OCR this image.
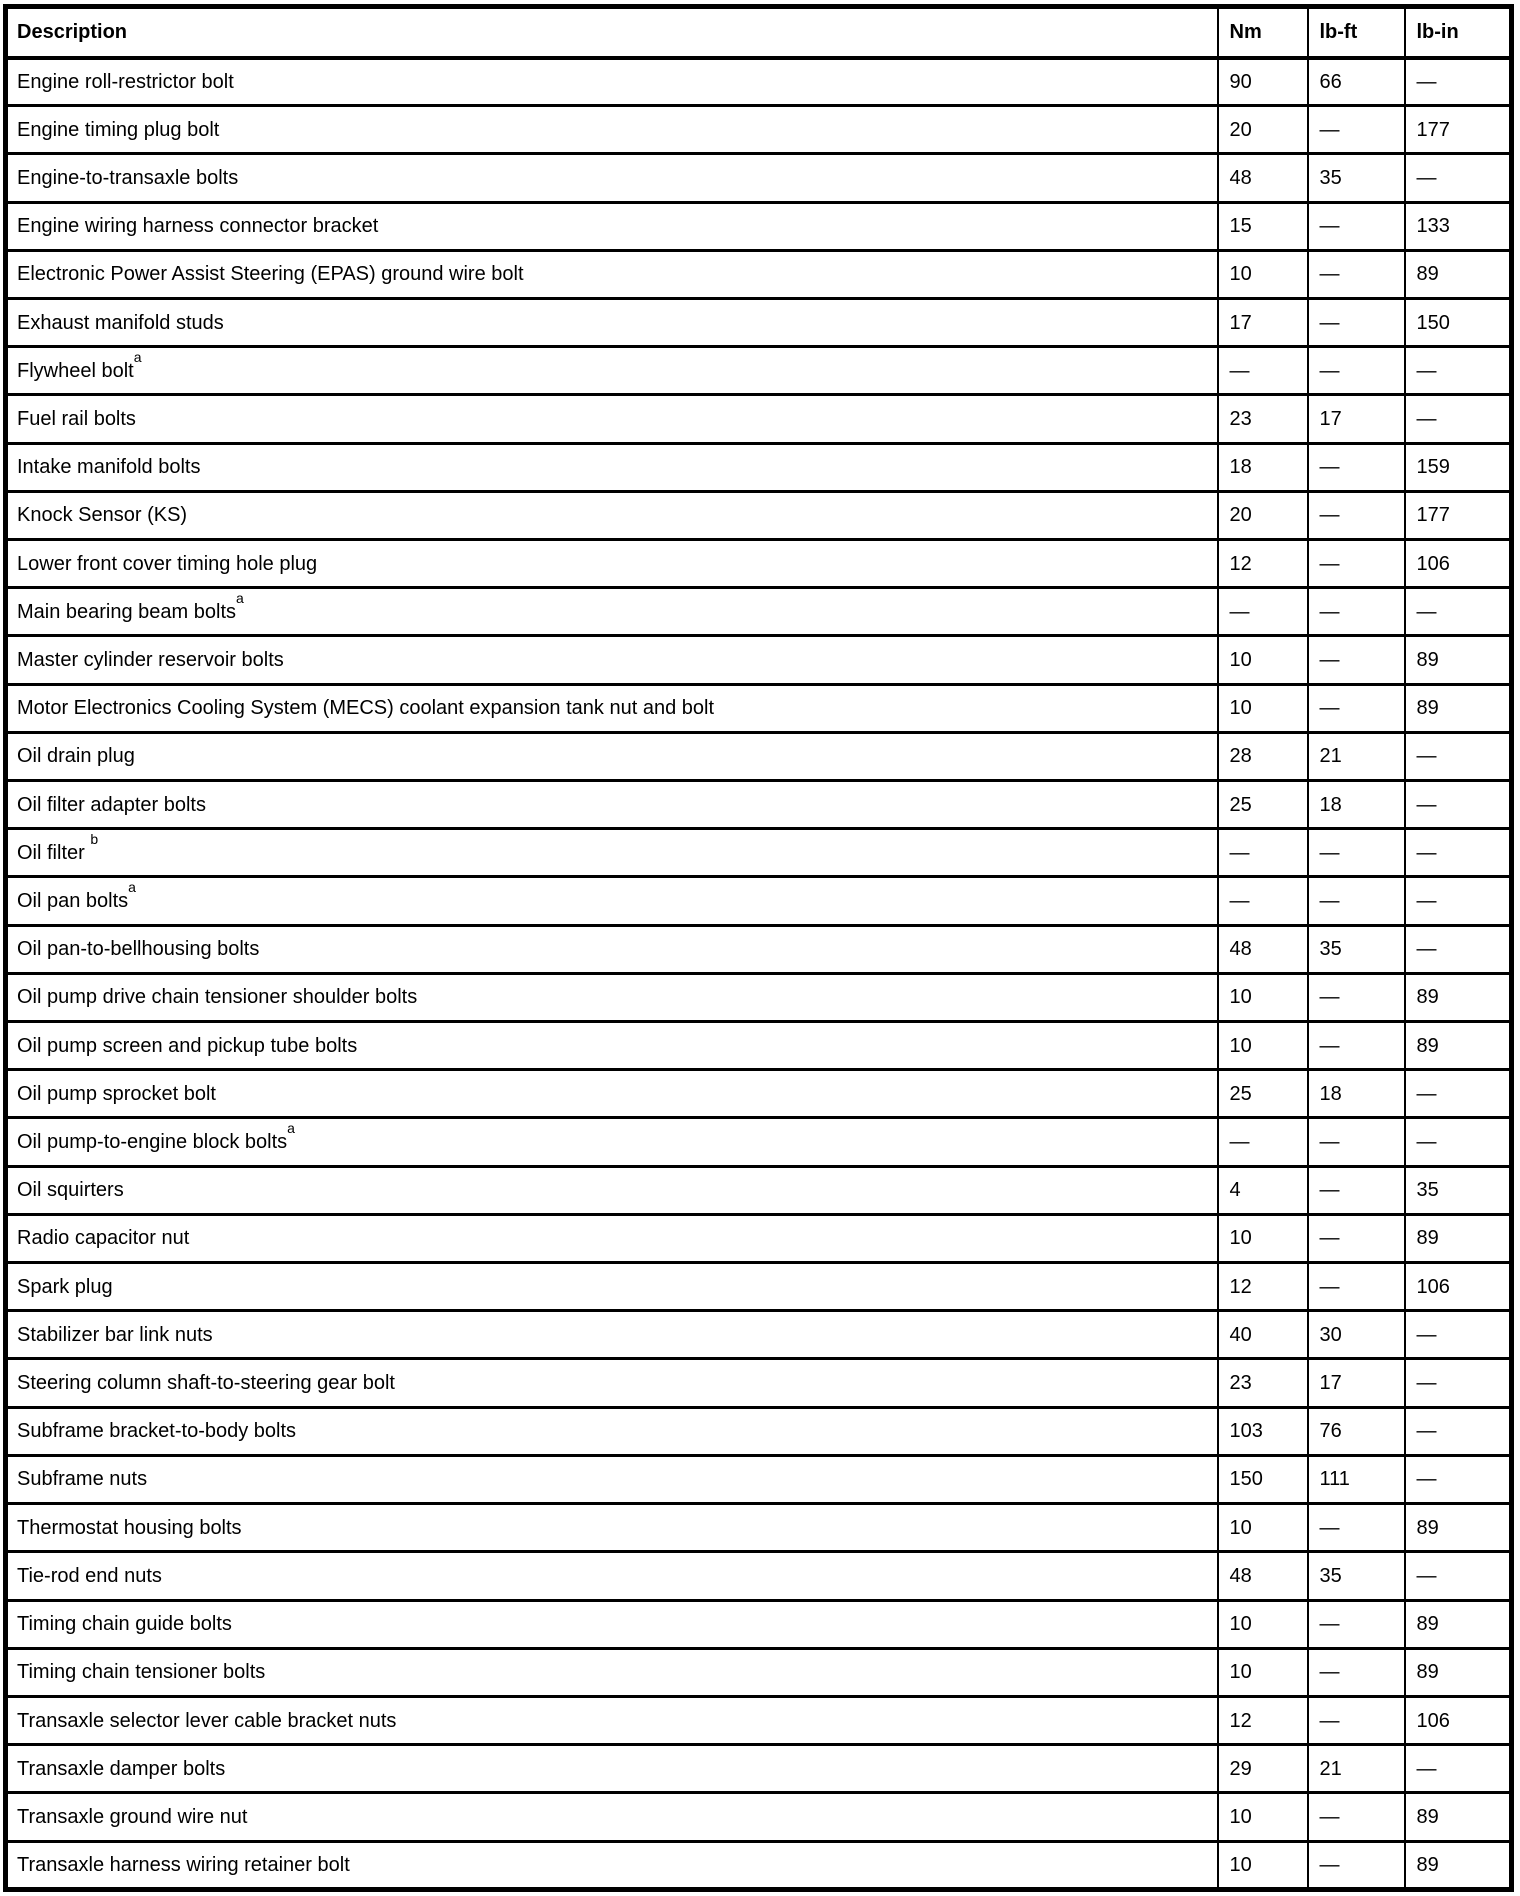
Description	Nm	lb-ft	lb-in
Engine roll-restrictor bolt	90	66	—
Engine timing plug bolt	20	—	177
Engine-to-transaxle bolts	48	35	—
Engine wiring harness connector bracket	15	—	133
Electronic Power Assist Steering (EPAS) ground wire bolt	10	—	89
Exhaust manifold studs	17	—	150
Flywheel bolt$^a$	—	—	—
Fuel rail bolts	23	17	—
Intake manifold bolts	18	—	159
Knock Sensor (KS)	20	—	177
Lower front cover timing hole plug	12	—	106
Main bearing beam bolts$^a$	—	—	—
Master cylinder reservoir bolts	10	—	89
Motor Electronics Cooling System (MECS) coolant expansion tank nut and bolt	10	—	89
Oil drain plug	28	21	—
Oil filter adapter bolts	25	18	—
Oil filter $^b$	—	—	—
Oil pan bolts$^a$	—	—	—
Oil pan-to-bellhousing bolts	48	35	—
Oil pump drive chain tensioner shoulder bolts	10	—	89
Oil pump screen and pickup tube bolts	10	—	89
Oil pump sprocket bolt	25	18	—
Oil pump-to-engine block bolts$^a$	—	—	—
Oil squirters	4	—	35
Radio capacitor nut	10	—	89
Spark plug	12	—	106
Stabilizer bar link nuts	40	30	—
Steering column shaft-to-steering gear bolt	23	17	—
Subframe bracket-to-body bolts	103	76	—
Subframe nuts	150	111	—
Thermostat housing bolts	10	—	89
Tie-rod end nuts	48	35	—
Timing chain guide bolts	10	—	89
Timing chain tensioner bolts	10	—	89
Transaxle selector lever cable bracket nuts	12	—	106
Transaxle damper bolts	29	21	—
Transaxle ground wire nut	10	—	89
Transaxle harness wiring retainer bolt	10	—	89
